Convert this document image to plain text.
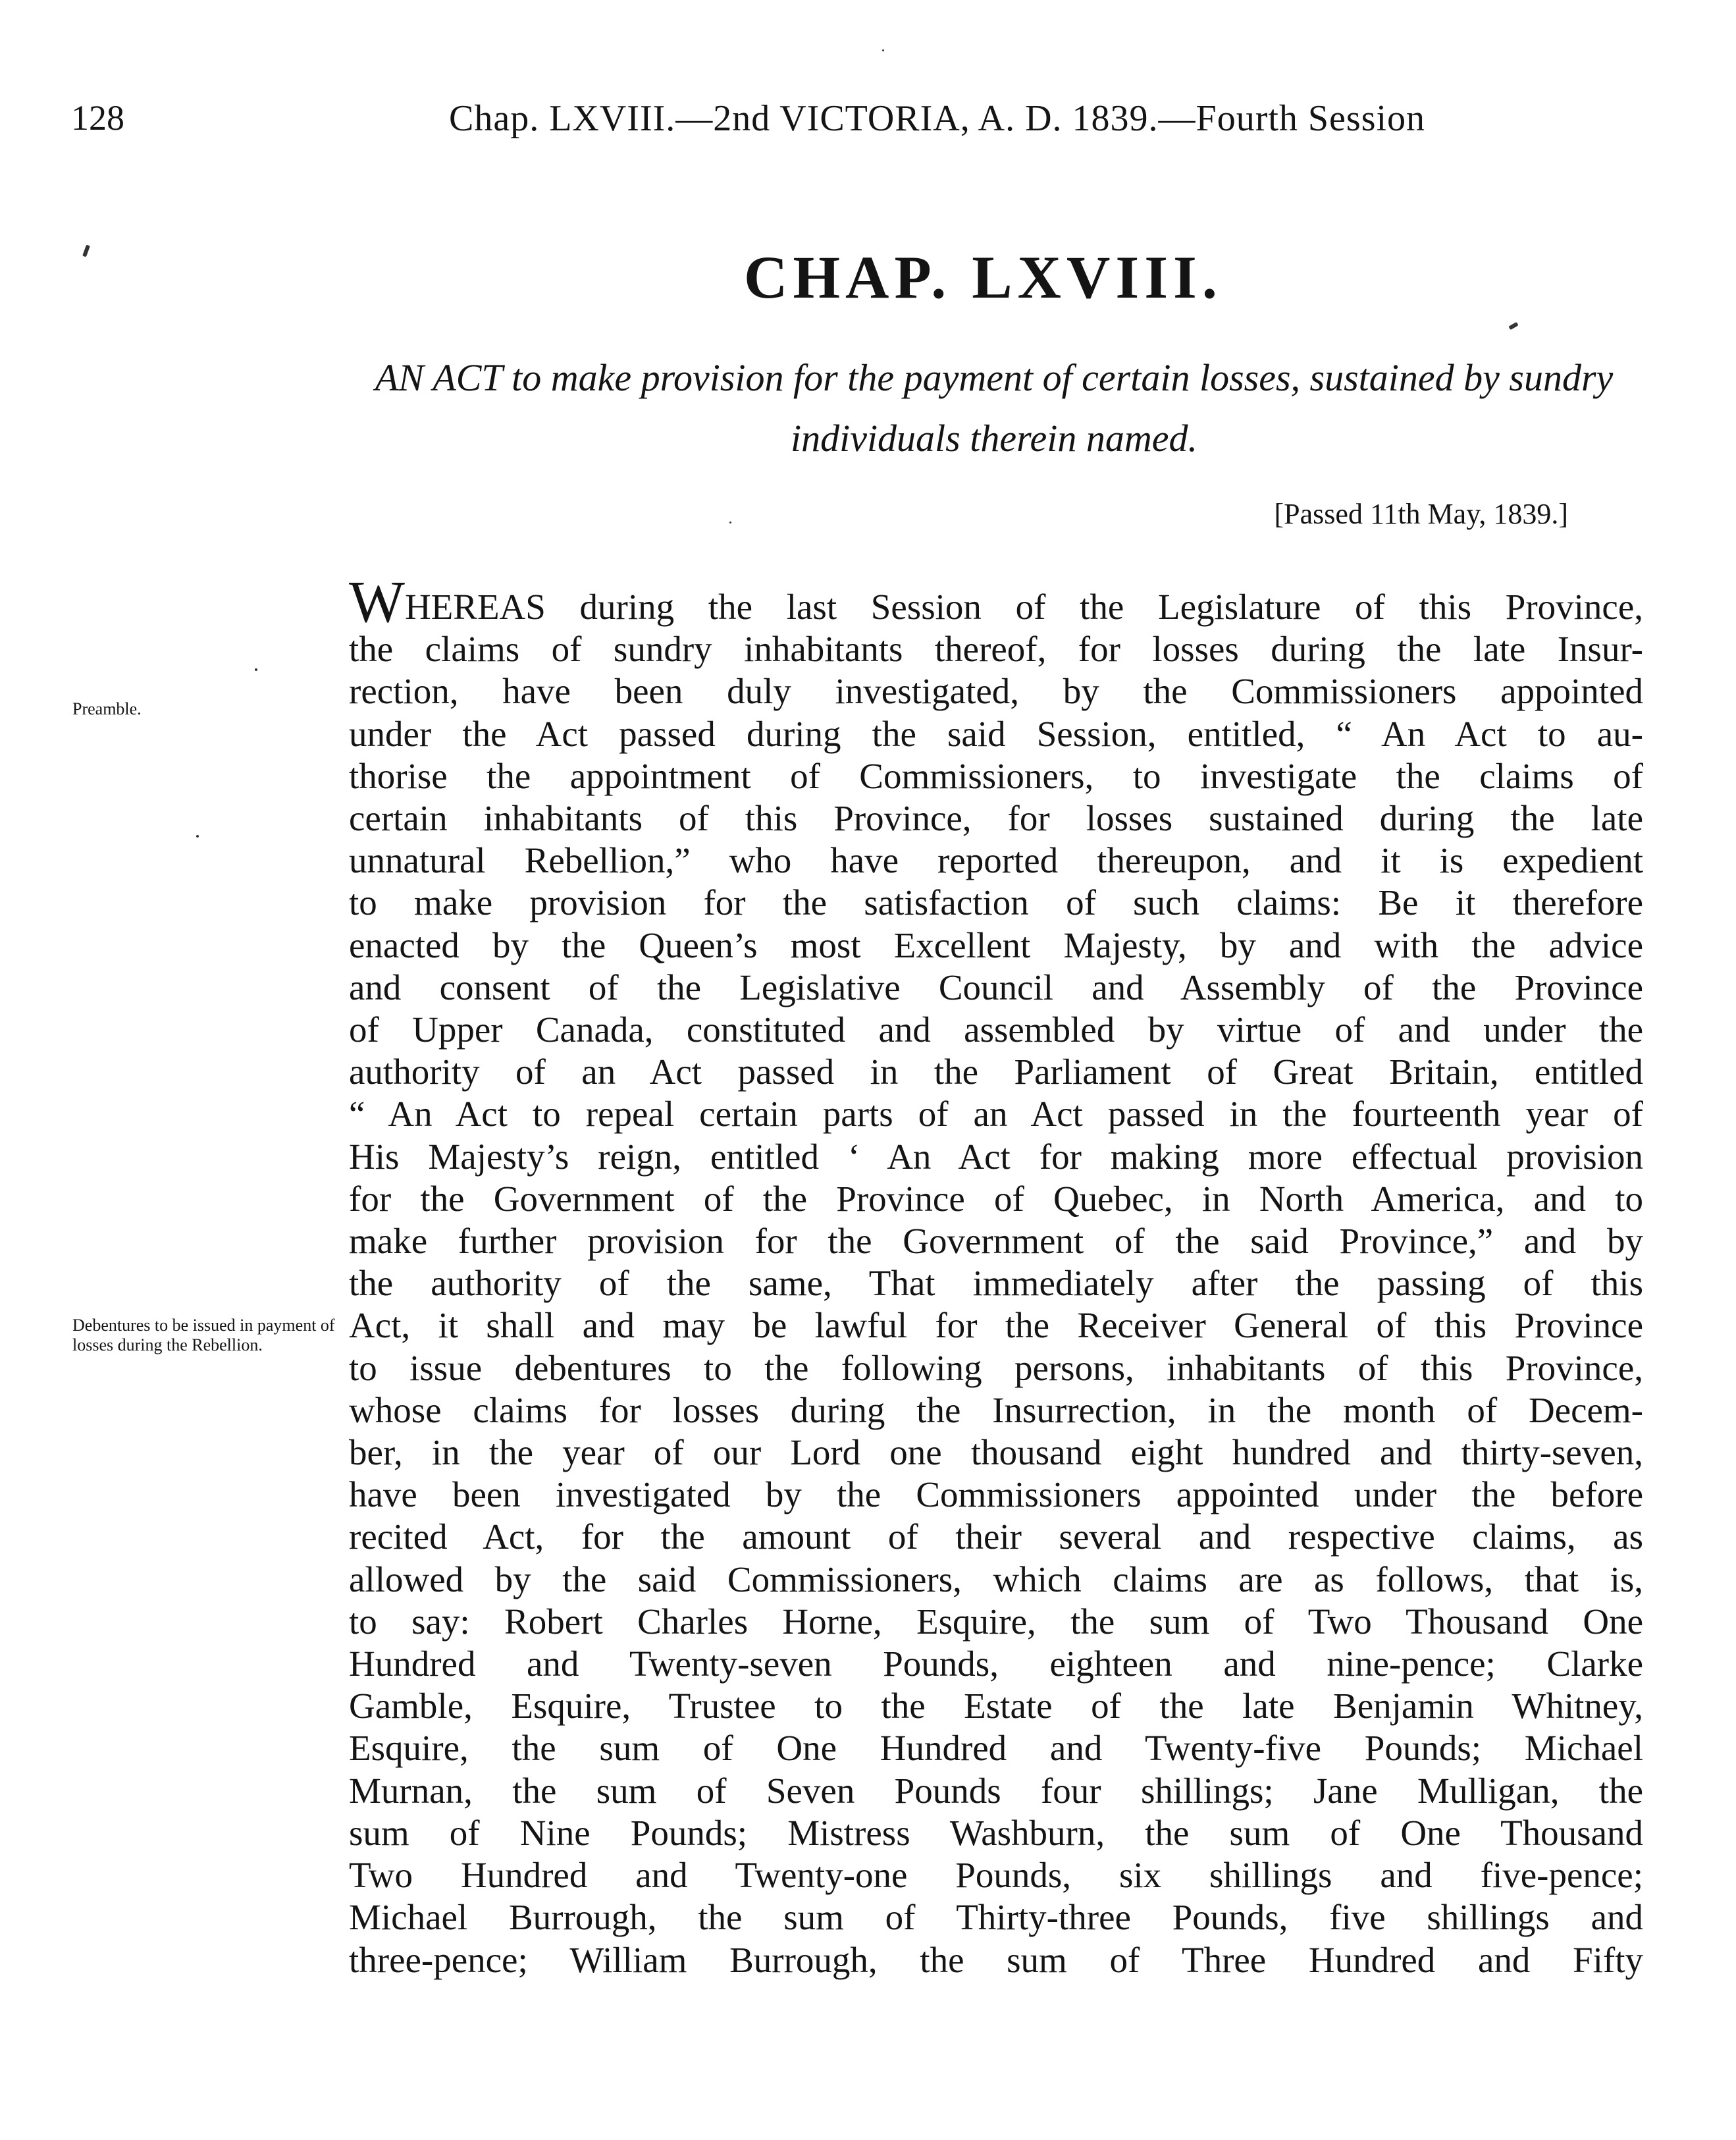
128	Chap. LXVIII.—2nd VICTORIA, A. D. 1839.—Fourth Session
CHAP. LXVIII.
AN ACT to make provision for the payment of certain losses, sustained by sundry individuals therein named.
[Passed 11th May, 1839.]
Preamble.
Debentures to be issued in payment of losses during the Rebellion.
WHEREAS during the last Session of the Legislature of this Province,
the claims of sundry inhabitants thereof, for losses during the late Insur-
rection, have been duly investigated, by the Commissioners appointed
under the Act passed during the said Session, entitled, “ An Act to au-
thorise the appointment of Commissioners, to investigate the claims of
certain inhabitants of this Province, for losses sustained during the late
unnatural Rebellion,” who have reported thereupon, and it is expedient
to make provision for the satisfaction of such claims: Be it therefore
enacted by the Queen’s most Excellent Majesty, by and with the advice
and consent of the Legislative Council and Assembly of the Province
of Upper Canada, constituted and assembled by virtue of and under the
authority of an Act passed in the Parliament of Great Britain, entitled
“ An Act to repeal certain parts of an Act passed in the fourteenth year of
His Majesty’s reign, entitled ‘ An Act for making more effectual provision
for the Government of the Province of Quebec, in North America, and to
make further provision for the Government of the said Province,” and by
the authority of the same, That immediately after the passing of this
Act, it shall and may be lawful for the Receiver General of this Province
to issue debentures to the following persons, inhabitants of this Province,
whose claims for losses during the Insurrection, in the month of Decem-
ber, in the year of our Lord one thousand eight hundred and thirty-seven,
have been investigated by the Commissioners appointed under the before
recited Act, for the amount of their several and respective claims, as
allowed by the said Commissioners, which claims are as follows, that is,
to say: Robert Charles Horne, Esquire, the sum of Two Thousand One
Hundred and Twenty-seven Pounds, eighteen and nine-pence; Clarke
Gamble, Esquire, Trustee to the Estate of the late Benjamin Whitney,
Esquire, the sum of One Hundred and Twenty-five Pounds; Michael
Murnan, the sum of Seven Pounds four shillings; Jane Mulligan, the
sum of Nine Pounds; Mistress Washburn, the sum of One Thousand
Two Hundred and Twenty-one Pounds, six shillings and five-pence;
Michael Burrough, the sum of Thirty-three Pounds, five shillings and
three-pence; William Burrough, the sum of Three Hundred and Fifty
